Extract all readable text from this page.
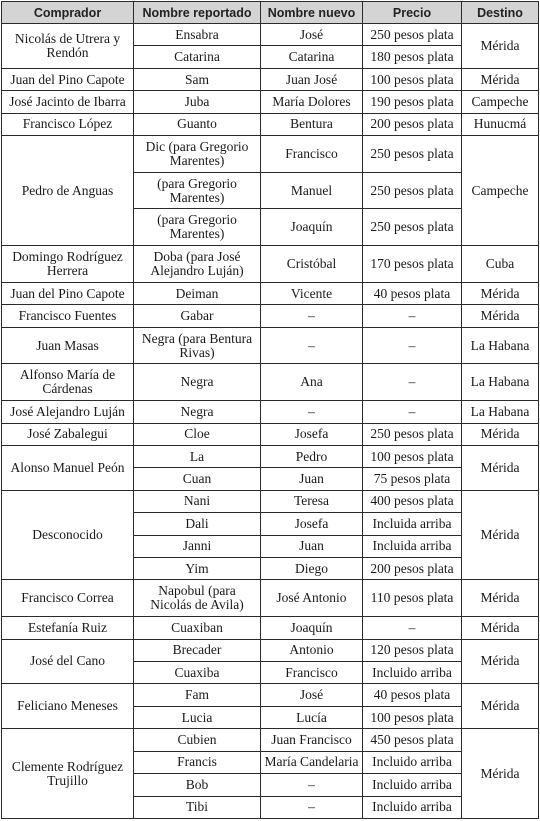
Comprador	Nombre reportado	Nombre nuevo	Precio	Destino
Nicolás de Utrera y Rendón	Ensabra	José	250 pesos plata	Mérida
	Catarina	Catarina	180 pesos plata	
Juan del Pino Capote	Sam	Juan José	100 pesos plata	Mérida
José Jacinto de Ibarra	Juba	María Dolores	190 pesos plata	Campeche
Francisco López	Guanto	Bentura	200 pesos plata	Hunucmá
Pedro de Anguas	Dic (para Gregorio Marentes)	Francisco	250 pesos plata	Campeche
	(para Gregorio Marentes)	Manuel	250 pesos plata	
	(para Gregorio Marentes)	Joaquín	250 pesos plata	
Domingo Rodríguez Herrera	Doba (para José Alejandro Luján)	Cristóbal	170 pesos plata	Cuba
Juan del Pino Capote	Deiman	Vicente	40 pesos plata	Mérida
Francisco Fuentes	Gabar	–	–	Mérida
Juan Masas	Negra (para Bentura Rivas)	–	–	La Habana
Alfonso María de Cárdenas	Negra	Ana	–	La Habana
José Alejandro Luján	Negra	–	–	La Habana
José Zabalegui	Cloe	Josefa	250 pesos plata	Mérida
Alonso Manuel Peón	La	Pedro	100 pesos plata	Mérida
	Cuan	Juan	75 pesos plata	
Desconocido	Nani	Teresa	400 pesos plata	Mérida
	Dali	Josefa	Incluida arriba	
	Janni	Juan	Incluida arriba	
	Yim	Diego	200 pesos plata	
Francisco Correa	Napobul (para Nicolás de Avila)	José Antonio	110 pesos plata	Mérida
Estefanía Ruiz	Cuaxiban	Joaquín	–	Mérida
José del Cano	Brecader	Antonio	120 pesos plata	Mérida
	Cuaxiba	Francisco	Incluido arriba	
Feliciano Meneses	Fam	José	40 pesos plata	Mérida
	Lucia	Lucía	100 pesos plata	
Clemente Rodríguez Trujillo	Cubien	Juan Francisco	450 pesos plata	Mérida
	Francis	María Candelaria	Incluido arriba	
	Bob	–	Incluido arriba	
	Tibi	–	Incluido arriba	
